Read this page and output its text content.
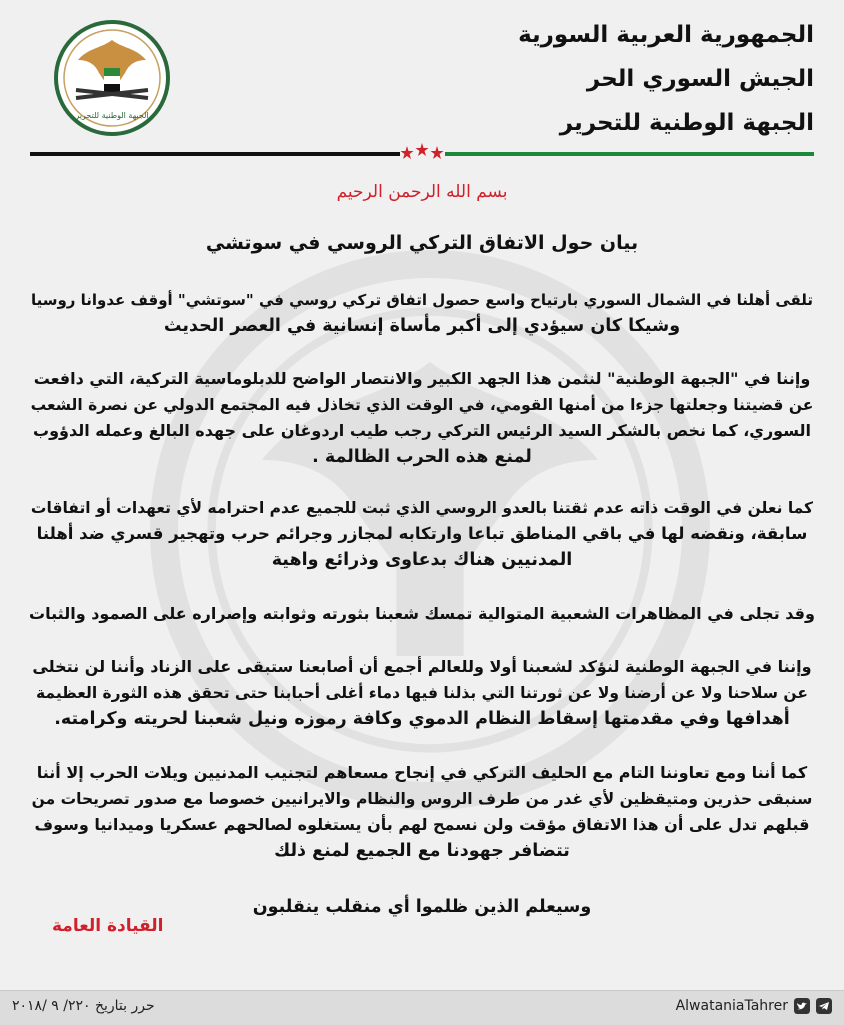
الجبهة الوطنية للتحرير
الجمهورية العربية السورية
الجيش السوري الحر
الجبهة الوطنية للتحرير
بسم الله الرحمن الرحيم
بيان حول الاتفاق التركي الروسي في سوتشي
تلقى أهلنا في الشمال السوري بارتياح واسع حصول اتفاق تركي روسي في "سوتشي" أوقف عدوانا روسيا
وشيكا كان سيؤدي إلى أكبر مأساة إنسانية في العصر الحديث
وإننا في "الجبهة الوطنية" لنثمن هذا الجهد الكبير والانتصار الواضح للدبلوماسية التركية، التي دافعت
عن قضيتنا وجعلتها جزءا من أمنها القومي، في الوقت الذي تخاذل فيه المجتمع الدولي عن نصرة الشعب
السوري، كما نخص بالشكر السيد الرئيس التركي رجب طيب اردوغان على جهده البالغ وعمله الدؤوب
لمنع هذه الحرب الظالمة .
كما نعلن في الوقت ذاته عدم ثقتنا بالعدو الروسي الذي ثبت للجميع عدم احترامه لأي تعهدات أو اتفاقات
سابقة، ونقضه لها في باقي المناطق تباعا وارتكابه لمجازر وجرائم حرب وتهجير قسري ضد أهلنا
المدنيين هناك بدعاوى وذرائع واهية
وقد تجلى في المظاهرات الشعبية المتوالية تمسك شعبنا بثورته وثوابته وإصراره على الصمود والثبات
وإننا في الجبهة الوطنية لنؤكد لشعبنا أولا وللعالم أجمع أن أصابعنا ستبقى على الزناد وأننا لن نتخلى
عن سلاحنا ولا عن أرضنا ولا عن ثورتنا التي بذلنا فيها دماء أغلى أحبابنا حتى تحقق هذه الثورة العظيمة
أهدافها وفي مقدمتها إسقاط النظام الدموي وكافة رموزه ونيل شعبنا لحريته وكرامته.
كما أننا ومع تعاوننا التام مع الحليف التركي في إنجاح مسعاهم لتجنيب المدنيين ويلات الحرب إلا أننا
سنبقى حذرين ومتيقظين لأي غدر من طرف الروس والنظام والايرانيين خصوصا مع صدور تصريحات من
قبلهم تدل على أن هذا الاتفاق مؤقت ولن نسمح لهم بأن يستغلوه لصالحهم عسكريا وميدانيا وسوف
تتضافر جهودنا مع الجميع لمنع ذلك
وسيعلم الذين ظلموا أي منقلب ينقلبون
القيادة العامة
حرر بتاريخ ٢٢٠/ ٩ /٢٠١٨	AlwataniaTahrer
